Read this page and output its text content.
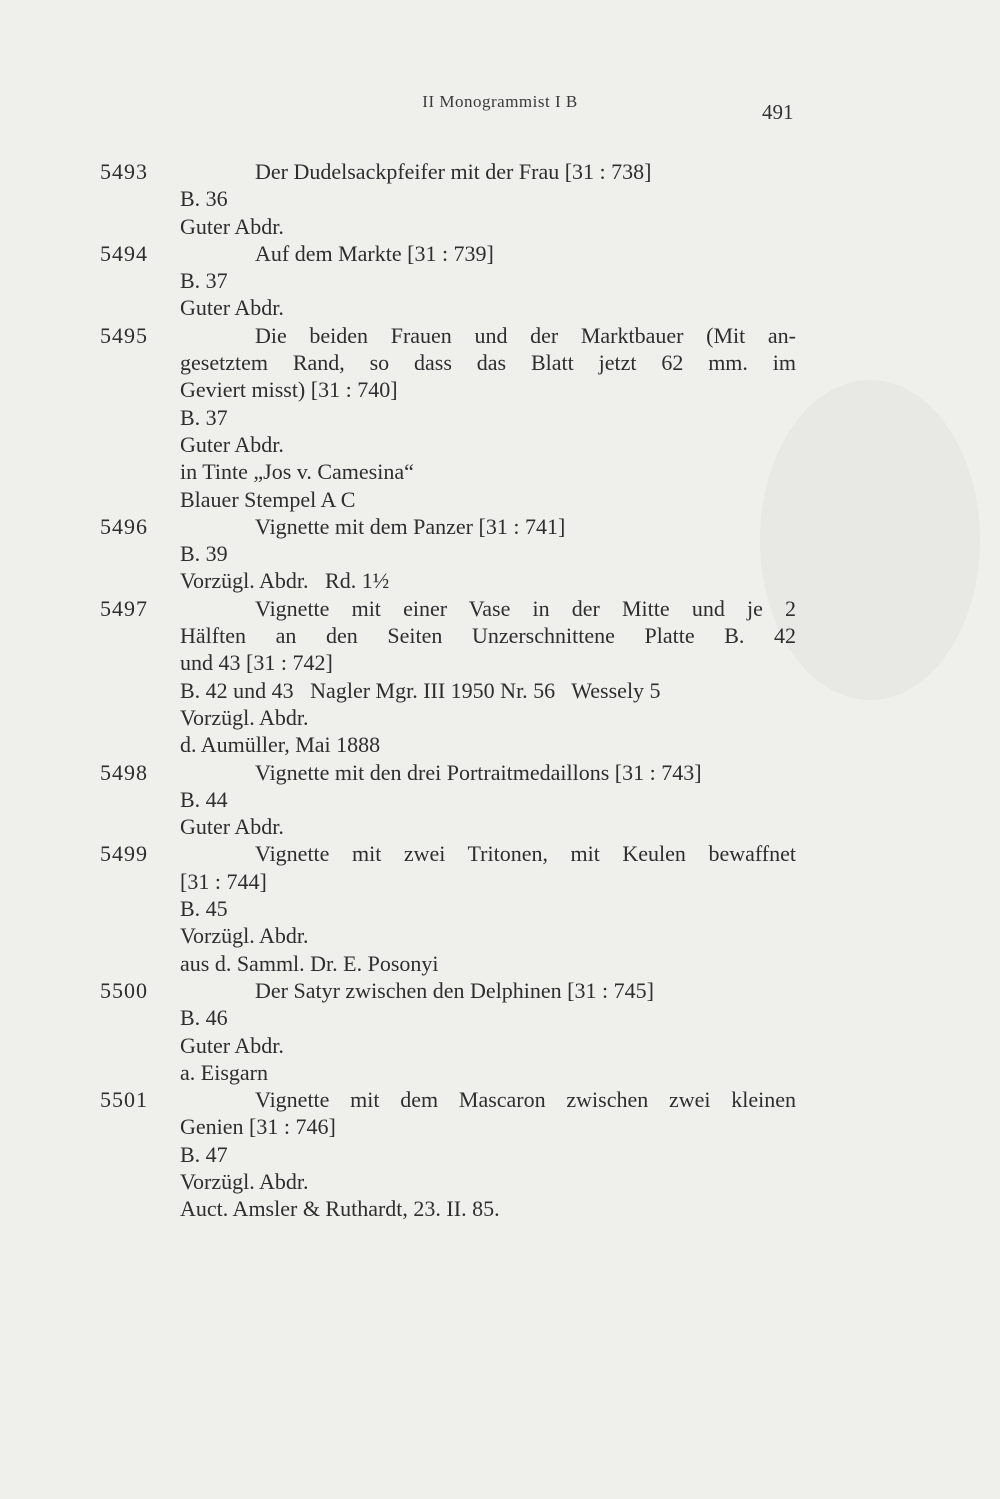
II Monogrammist I B	491
5493	Der Dudelsackpfeifer mit der Frau [31 : 738]
B. 36
Guter Abdr.
5494	Auf dem Markte [31 : 739]
B. 37
Guter Abdr.
5495	Die beiden Frauen und der Marktbauer (Mit an-
gesetztem Rand, so dass das Blatt jetzt 62 mm. im
Geviert misst) [31 : 740]
B. 37
Guter Abdr.
in Tinte „Jos v. Camesina“
Blauer Stempel A C
5496	Vignette mit dem Panzer [31 : 741]
B. 39
Vorzügl. Abdr.   Rd. 1½
5497	Vignette mit einer Vase in der Mitte und je 2
Hälften an den Seiten Unzerschnittene Platte B. 42
und 43 [31 : 742]
B. 42 und 43   Nagler Mgr. III 1950 Nr. 56   Wessely 5
Vorzügl. Abdr.
d. Aumüller, Mai 1888
5498	Vignette mit den drei Portraitmedaillons [31 : 743]
B. 44
Guter Abdr.
5499	Vignette mit zwei Tritonen, mit Keulen bewaffnet
[31 : 744]
B. 45
Vorzügl. Abdr.
aus d. Samml. Dr. E. Posonyi
5500	Der Satyr zwischen den Delphinen [31 : 745]
B. 46
Guter Abdr.
a. Eisgarn
5501	Vignette mit dem Mascaron zwischen zwei kleinen
Genien [31 : 746]
B. 47
Vorzügl. Abdr.
Auct. Amsler & Ruthardt, 23. II. 85.
